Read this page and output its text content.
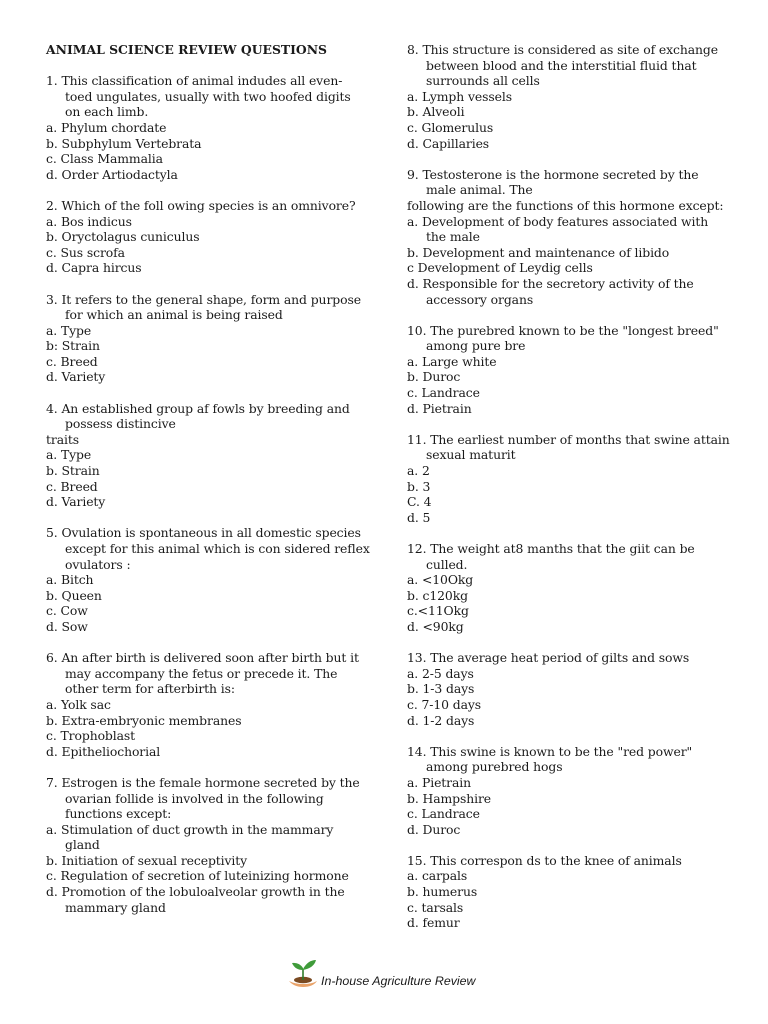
ANIMAL SCIENCE REVIEW QUESTIONS
1. This classification of animal indudes all even-
toed ungulates, usually with two hoofed digits
on each limb.
a. Phylum chordate
b. Subphylum Vertebrata
c. Class Mammalia
d. Order Artiodactyla
2. Which of the foll owing species is an omnivore?
a. Bos indicus
b. Oryctolagus cuniculus
c. Sus scrofa
d. Capra hircus
3. It refers to the general shape, form and purpose
for which an animal is being raised
a. Type
b: Strain
c. Breed
d. Variety
4. An established group af fowls by breeding and
possess distincive
traits
a. Type
b. Strain
c. Breed
d. Variety
5. Ovulation is spontaneous in all domestic species
except for this animal which is con sidered reflex
ovulators :
a. Bitch
b. Queen
c. Cow
d. Sow
6. An after birth is delivered soon after birth but it
may accompany the fetus or precede it. The
other term for afterbirth is:
a. Yolk sac
b. Extra-embryonic membranes
c. Trophoblast
d. Epitheliochorial
7. Estrogen is the female hormone secreted by the
ovarian follide is involved in the following
functions except:
a. Stimulation of duct growth in the mammary
gland
b. Initiation of sexual receptivity
c. Regulation of secretion of luteinizing hormone
d. Promotion of the lobuloalveolar growth in the
mammary gland
8. This structure is considered as site of exchange
between blood and the interstitial fluid that
surrounds all cells
a. Lymph vessels
b. Alveoli
c. Glomerulus
d. Capillaries
9. Testosterone is the hormone secreted by the
male animal. The
following are the functions of this hormone except:
a. Development of body features associated with
the male
b. Development and maintenance of libido
c Development of Leydig cells
d. Responsible for the secretory activity of the
accessory organs
10. The purebred known to be the "longest breed"
among pure bre
a. Large white
b. Duroc
c. Landrace
d. Pietrain
11. The earliest number of months that swine attain
sexual maturit
a. 2
b. 3
C. 4
d. 5
12. The weight at8 manths that the giit can be
culled.
a. <10Okg
b. c120kg
c.<11Okg
d. <90kg
13. The average heat period of gilts and sows
a. 2-5 days
b. 1-3 days
c. 7-10 days
d. 1-2 days
14. This swine is known to be the "red power"
among purebred hogs
a. Pietrain
b. Hampshire
c. Landrace
d. Duroc
15. This correspon ds to the knee of animals
a. carpals
b. humerus
c. tarsals
d. femur
In-house Agriculture Review
